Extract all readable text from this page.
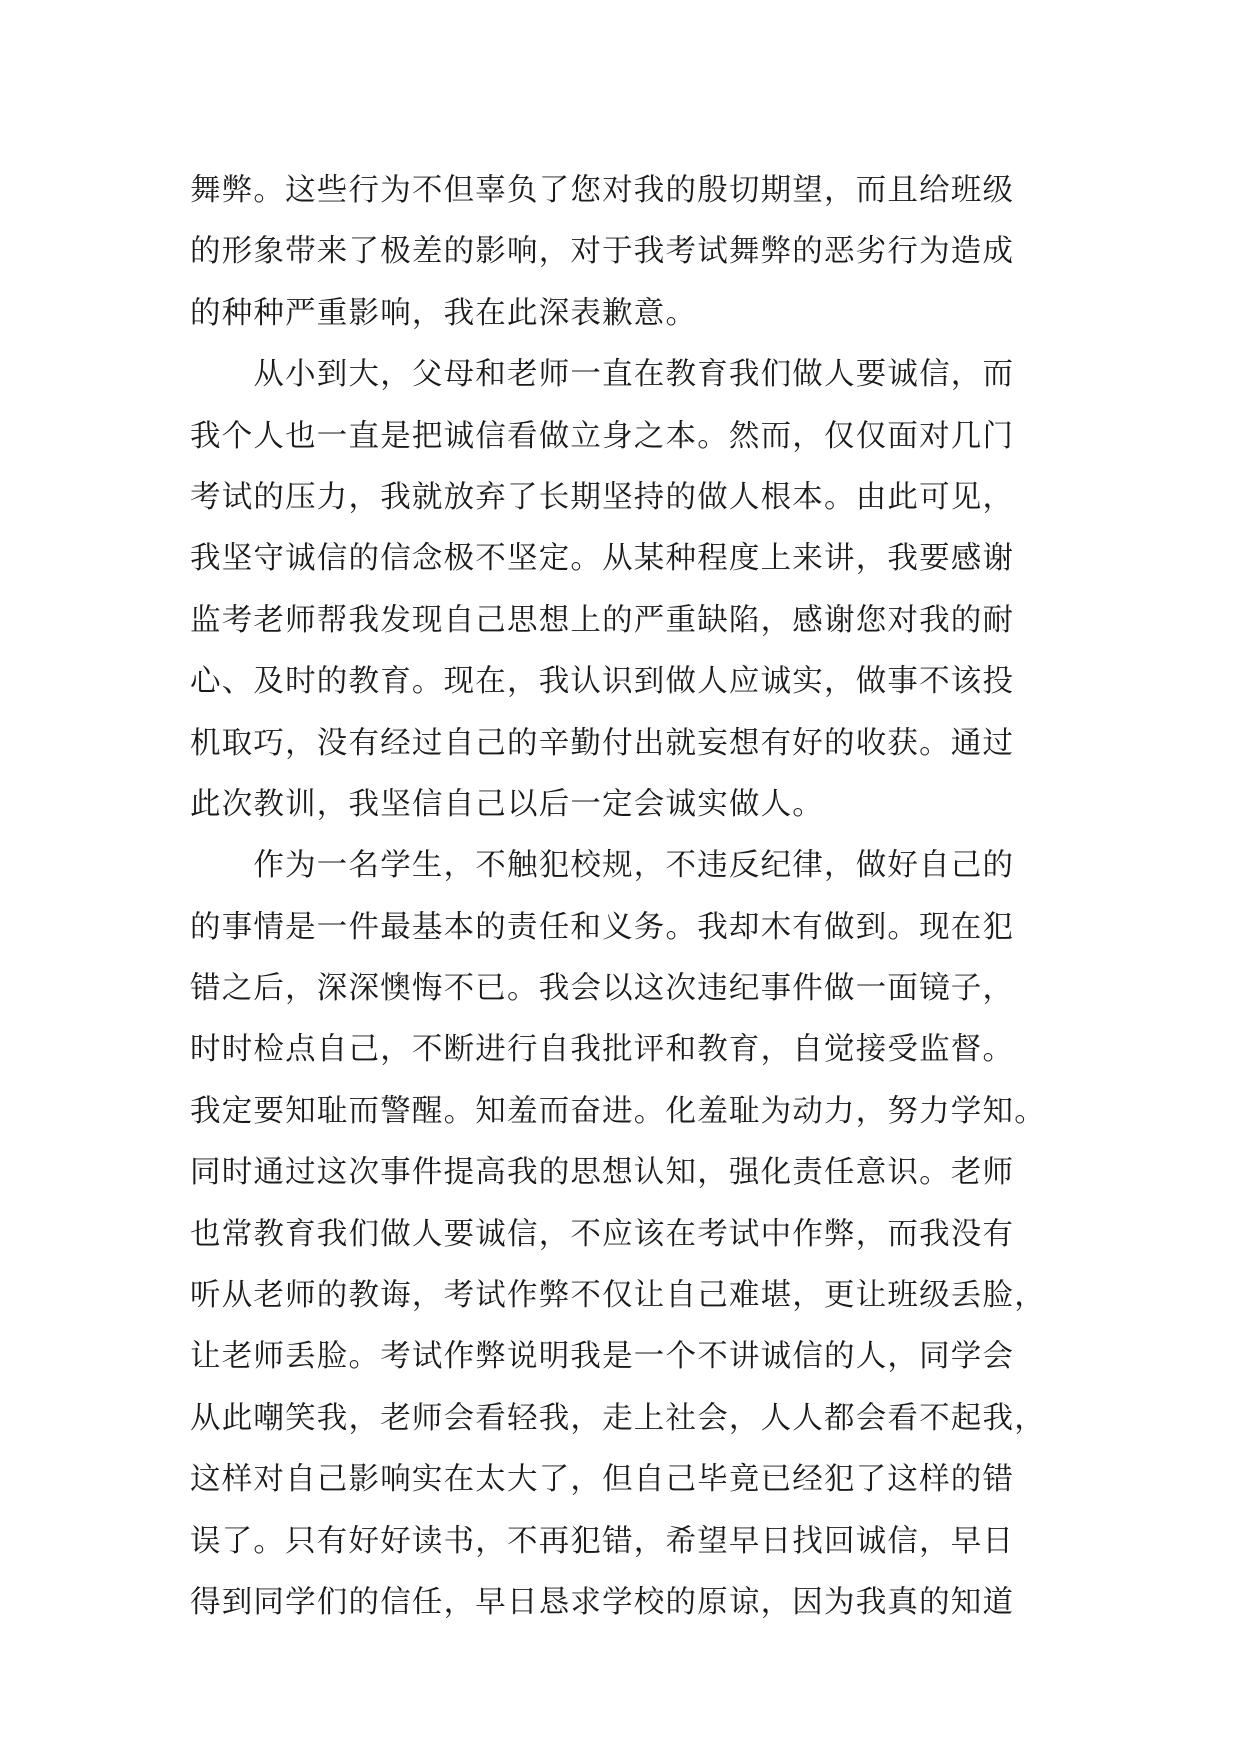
舞弊。这些行为不但辜负了您对我的殷切期望，而且给班级
的形象带来了极差的影响，对于我考试舞弊的恶劣行为造成
的种种严重影响，我在此深表歉意。
　　从小到大，父母和老师一直在教育我们做人要诚信，而
我个人也一直是把诚信看做立身之本。然而，仅仅面对几门
考试的压力，我就放弃了长期坚持的做人根本。由此可见，
我坚守诚信的信念极不坚定。从某种程度上来讲，我要感谢
监考老师帮我发现自己思想上的严重缺陷，感谢您对我的耐
心、及时的教育。现在，我认识到做人应诚实，做事不该投
机取巧，没有经过自己的辛勤付出就妄想有好的收获。通过
此次教训，我坚信自己以后一定会诚实做人。
　　作为一名学生，不触犯校规，不违反纪律，做好自己的
的事情是一件最基本的责任和义务。我却木有做到。现在犯
错之后，深深懊悔不已。我会以这次违纪事件做一面镜子，
时时检点自己，不断进行自我批评和教育，自觉接受监督。
我定要知耻而警醒。知羞而奋进。化羞耻为动力，努力学知。
同时通过这次事件提高我的思想认知，强化责任意识。老师
也常教育我们做人要诚信，不应该在考试中作弊，而我没有
听从老师的教诲，考试作弊不仅让自己难堪，更让班级丢脸，
让老师丢脸。考试作弊说明我是一个不讲诚信的人，同学会
从此嘲笑我，老师会看轻我，走上社会，人人都会看不起我，
这样对自己影响实在太大了，但自己毕竟已经犯了这样的错
误了。只有好好读书，不再犯错，希望早日找回诚信，早日
得到同学们的信任，早日恳求学校的原谅，因为我真的知道
